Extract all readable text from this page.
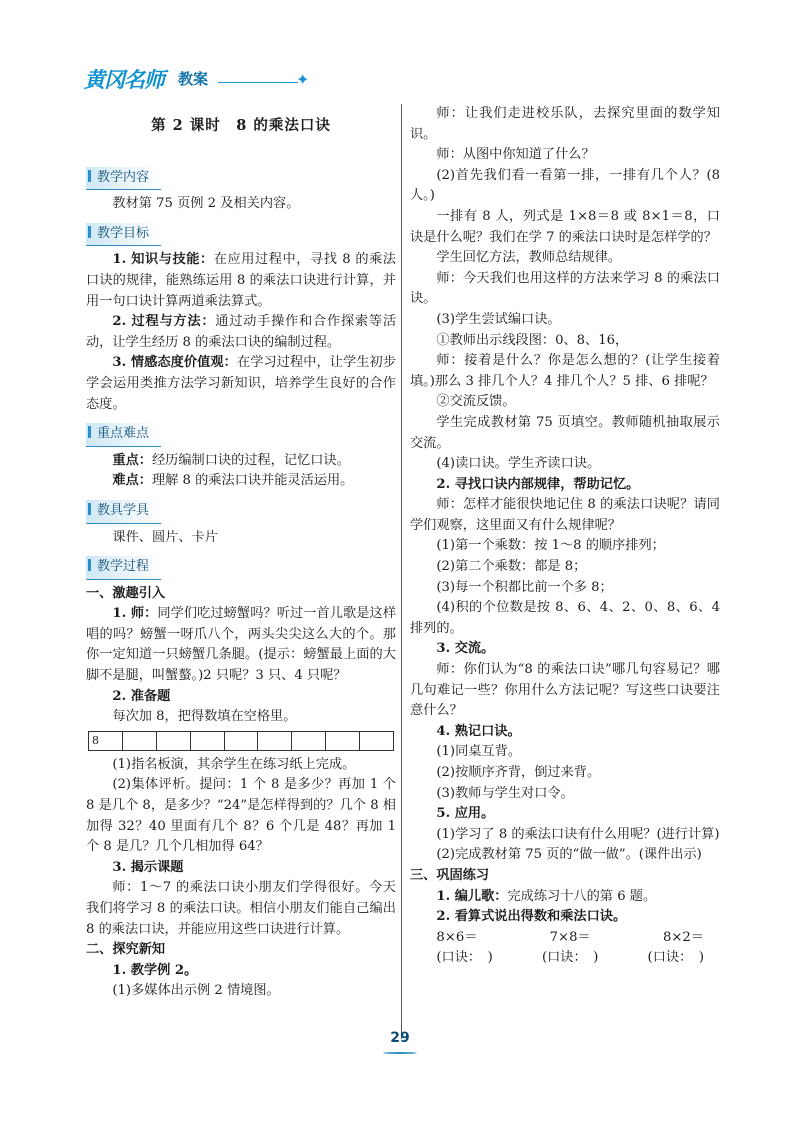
黄冈名师 教案	✦

第 2 课时　8 的乘法口诀

教学内容

教材第 75 页例 2 及相关内容。

教学目标

1. 知识与技能：在应用过程中，寻找 8 的乘法口诀的规律，能熟练运用 8 的乘法口诀进行计算，并用一句口诀计算两道乘法算式。

2. 过程与方法：通过动手操作和合作探索等活动，让学生经历 8 的乘法口诀的编制过程。

3. 情感态度价值观：在学习过程中，让学生初步学会运用类推方法学习新知识，培养学生良好的合作态度。

重点难点

重点：经历编制口诀的过程，记忆口诀。

难点：理解 8 的乘法口诀并能灵活运用。

教具学具

课件、圆片、卡片

教学过程

一、激趣引入

1. 师：同学们吃过螃蟹吗？听过一首儿歌是这样唱的吗？螃蟹一呀爪八个，两头尖尖这么大的个。那你一定知道一只螃蟹几条腿。(提示：螃蟹最上面的大脚不是腿，叫蟹螯。)2 只呢？3 只、4 只呢？

2. 准备题

每次加 8，把得数填在空格里。

8

(1)指名板演，其余学生在练习纸上完成。

(2)集体评析。提问：1 个 8 是多少？再加 1 个 8 是几个 8，是多少？“24”是怎样得到的？几个 8 相加得 32？40 里面有几个 8？6 个几是 48？再加 1 个 8 是几？几个几相加得 64？

3. 揭示课题

师：1～7 的乘法口诀小朋友们学得很好。今天我们将学习 8 的乘法口诀。相信小朋友们能自己编出 8 的乘法口诀，并能应用这些口诀进行计算。

二、探究新知

1. 教学例 2。

(1)多媒体出示例 2 情境图。

师：让我们走进校乐队，去探究里面的数学知识。

师：从图中你知道了什么？

(2)首先我们看一看第一排，一排有几个人？(8 人。)

一排有 8 人，列式是 1×8＝8 或 8×1＝8，口诀是什么呢？我们在学 7 的乘法口诀时是怎样学的？

学生回忆方法，教师总结规律。

师：今天我们也用这样的方法来学习 8 的乘法口诀。

(3)学生尝试编口诀。

①教师出示线段图：0、8、16，

师：接着是什么？你是怎么想的？(让学生接着填。)那么 3 排几个人？4 排几个人？5 排、6 排呢？

②交流反馈。

学生完成教材第 75 页填空。教师随机抽取展示交流。

(4)读口诀。学生齐读口诀。

2. 寻找口诀内部规律，帮助记忆。

师：怎样才能很快地记住 8 的乘法口诀呢？请同学们观察，这里面又有什么规律呢？

(1)第一个乘数：按 1～8 的顺序排列；

(2)第二个乘数：都是 8；

(3)每一个积都比前一个多 8；

(4)积的个位数是按 8、6、4、2、0、8、6、4 排列的。

3. 交流。

师：你们认为“8 的乘法口诀”哪几句容易记？哪几句难记一些？你用什么方法记呢？写这些口诀要注意什么？

4. 熟记口诀。

(1)同桌互背。

(2)按顺序齐背，倒过来背。

(3)教师与学生对口令。

5. 应用。

(1)学习了 8 的乘法口诀有什么用呢？(进行计算)

(2)完成教材第 75 页的“做一做”。(课件出示)

三、巩固练习

1. 编儿歌：完成练习十八的第 6 题。

2. 看算式说出得数和乘法口诀。

8×6＝	7×8＝	8×2＝
(口诀：　)	(口诀：　)	(口诀：　)
29
